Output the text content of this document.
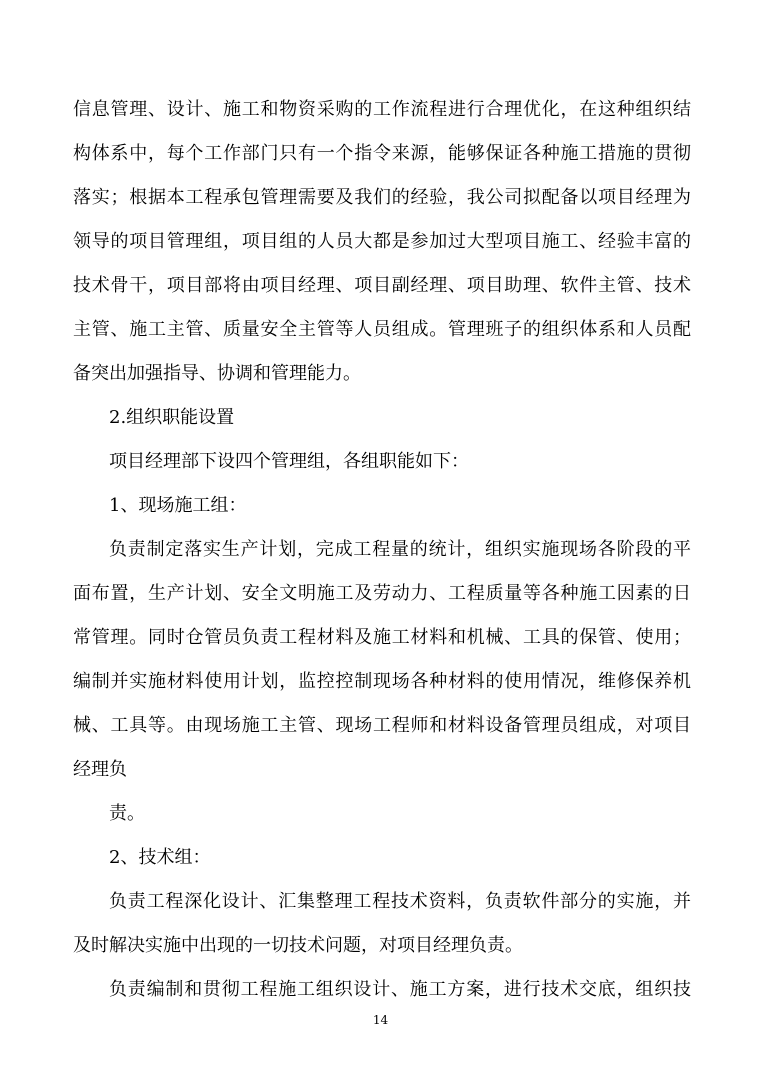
信息管理、设计、施工和物资采购的工作流程进行合理优化，在这种组织结
构体系中，每个工作部门只有一个指令来源，能够保证各种施工措施的贯彻
落实；根据本工程承包管理需要及我们的经验，我公司拟配备以项目经理为
领导的项目管理组，项目组的人员大都是参加过大型项目施工、经验丰富的
技术骨干，项目部将由项目经理、项目副经理、项目助理、软件主管、技术
主管、施工主管、质量安全主管等人员组成。管理班子的组织体系和人员配
备突出加强指导、协调和管理能力。
2.组织职能设置
项目经理部下设四个管理组，各组职能如下：
1、现场施工组：
负责制定落实生产计划，完成工程量的统计，组织实施现场各阶段的平
面布置，生产计划、安全文明施工及劳动力、工程质量等各种施工因素的日
常管理。同时仓管员负责工程材料及施工材料和机械、工具的保管、使用；
编制并实施材料使用计划，监控控制现场各种材料的使用情况，维修保养机
械、工具等。由现场施工主管、现场工程师和材料设备管理员组成，对项目
经理负
责。
2、技术组：
负责工程深化设计、汇集整理工程技术资料，负责软件部分的实施，并
及时解决实施中出现的一切技术问题，对项目经理负责。
负责编制和贯彻工程施工组织设计、施工方案，进行技术交底，组织技
14
